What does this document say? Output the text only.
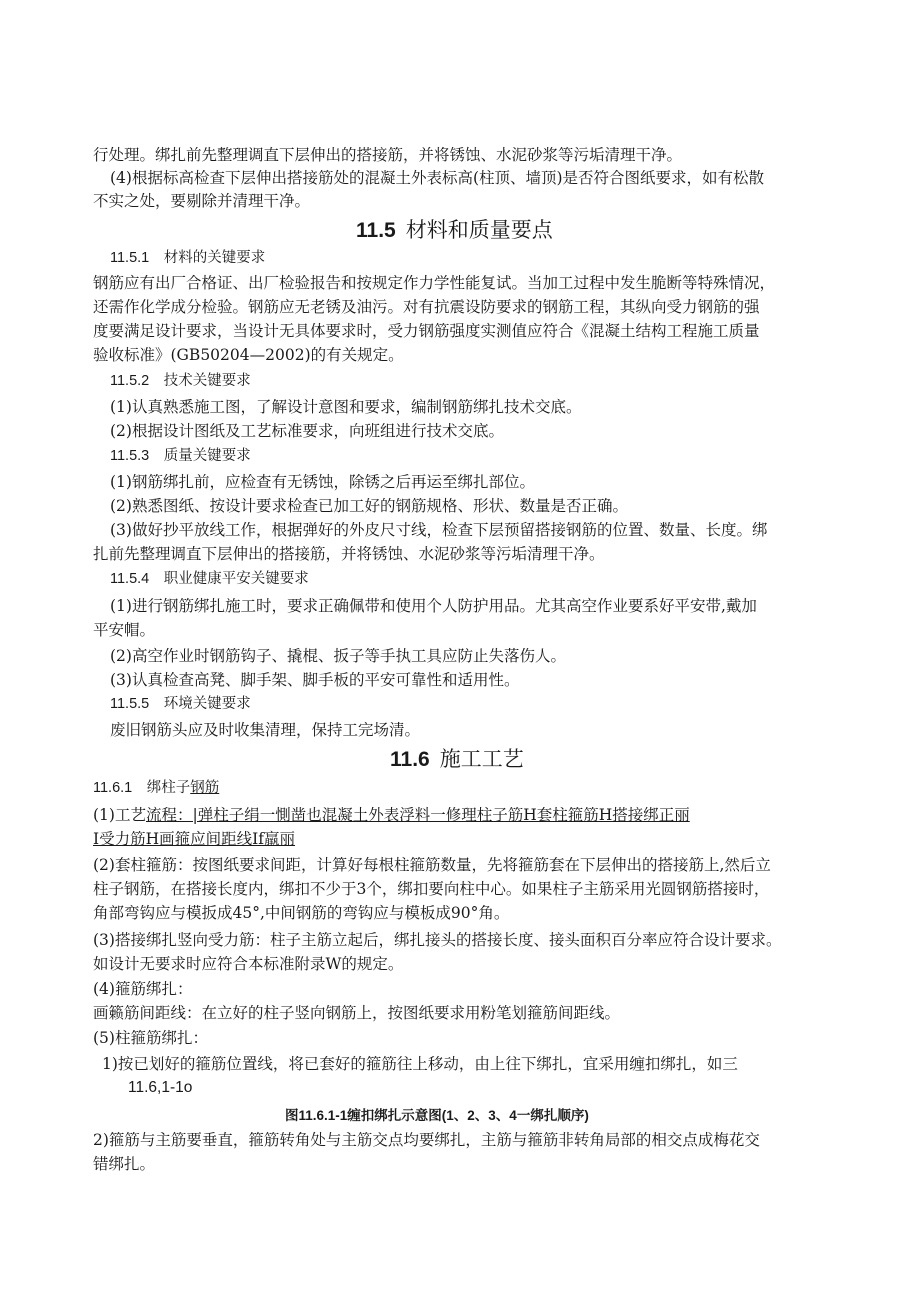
行处理。绑扎前先整理调直下层伸出的搭接筋，并将锈蚀、水泥砂浆等污垢清理干净。
(4)根据标高检查下层伸出搭接筋处的混凝土外表标高(柱顶、墙顶)是否符合图纸要求，如有松散
不实之处，要剔除并清理干净。
11.5 材料和质量要点
11.5.1　材料的关键要求
钢筋应有出厂合格证、出厂检验报告和按规定作力学性能复试。当加工过程中发生脆断等特殊情况，
还需作化学成分检验。钢筋应无老锈及油污。对有抗震设防要求的钢筋工程，其纵向受力钢筋的强
度要满足设计要求，当设计无具体要求时，受力钢筋强度实测值应符合《混凝土结构工程施工质量
验收标准》(GB50204—2002)的有关规定。
11.5.2　技术关键要求
(1)认真熟悉施工图，了解设计意图和要求，编制钢筋绑扎技术交底。
(2)根据设计图纸及工艺标准要求，向班组进行技术交底。
11.5.3　质量关键要求
(1)钢筋绑扎前，应检查有无锈蚀，除锈之后再运至绑扎部位。
(2)熟悉图纸、按设计要求检查已加工好的钢筋规格、形状、数量是否正确。
(3)做好抄平放线工作，根据弹好的外皮尺寸线，检查下层预留搭接钢筋的位置、数量、长度。绑
扎前先整理调直下层伸出的搭接筋，并将锈蚀、水泥砂浆等污垢清理干净。
11.5.4　职业健康平安关键要求
(1)进行钢筋绑扎施工时，要求正确佩带和使用个人防护用品。尤其高空作业要系好平安带,戴加
平安帽。
(2)高空作业时钢筋钩子、撬棍、扳子等手执工具应防止失落伤人。
(3)认真检查高凳、脚手架、脚手板的平安可靠性和适用性。
11.5.5　环境关键要求
废旧钢筋头应及时收集清理，保持工完场清。
11.6 施工工艺
11.6.1　绑柱子钢筋
(1)工艺流程：|弹柱子绢一惻凿也混凝土外表浮料一修理柱子筋H套柱箍筋H搭接绑正丽
I受力筋H画箍应间距线If羸丽
(2)套柱箍筋：按图纸要求间距，计算好每根柱箍筋数量，先将箍筋套在下层伸出的搭接筋上,然后立
柱子钢筋，在搭接长度内，绑扣不少于3个，绑扣要向柱中心。如果柱子主筋采用光圆钢筋搭接时，
角部弯钩应与模扳成45°,中间钢筋的弯钩应与模板成90°角。
(3)搭接绑扎竖向受力筋：柱子主筋立起后，绑扎接头的搭接长度、接头面积百分率应符合设计要求。
如设计无要求时应符合本标准附录W的规定。
(4)箍筋绑扎：
画籁筋间距线：在立好的柱子竖向钢筋上，按图纸要求用粉笔划箍筋间距线。
(5)柱箍筋绑扎：
1)按已划好的箍筋位置线，将已套好的箍筋往上移动，由上往下绑扎，宜采用缠扣绑扎，如三
11.6,1-1o
图11.6.1-1缠扣绑扎示意图(1、2、3、4一绑扎顺序)
2)箍筋与主筋要垂直，箍筋转角处与主筋交点均要绑扎，主筋与箍筋非转角局部的相交点成梅花交
错绑扎。
